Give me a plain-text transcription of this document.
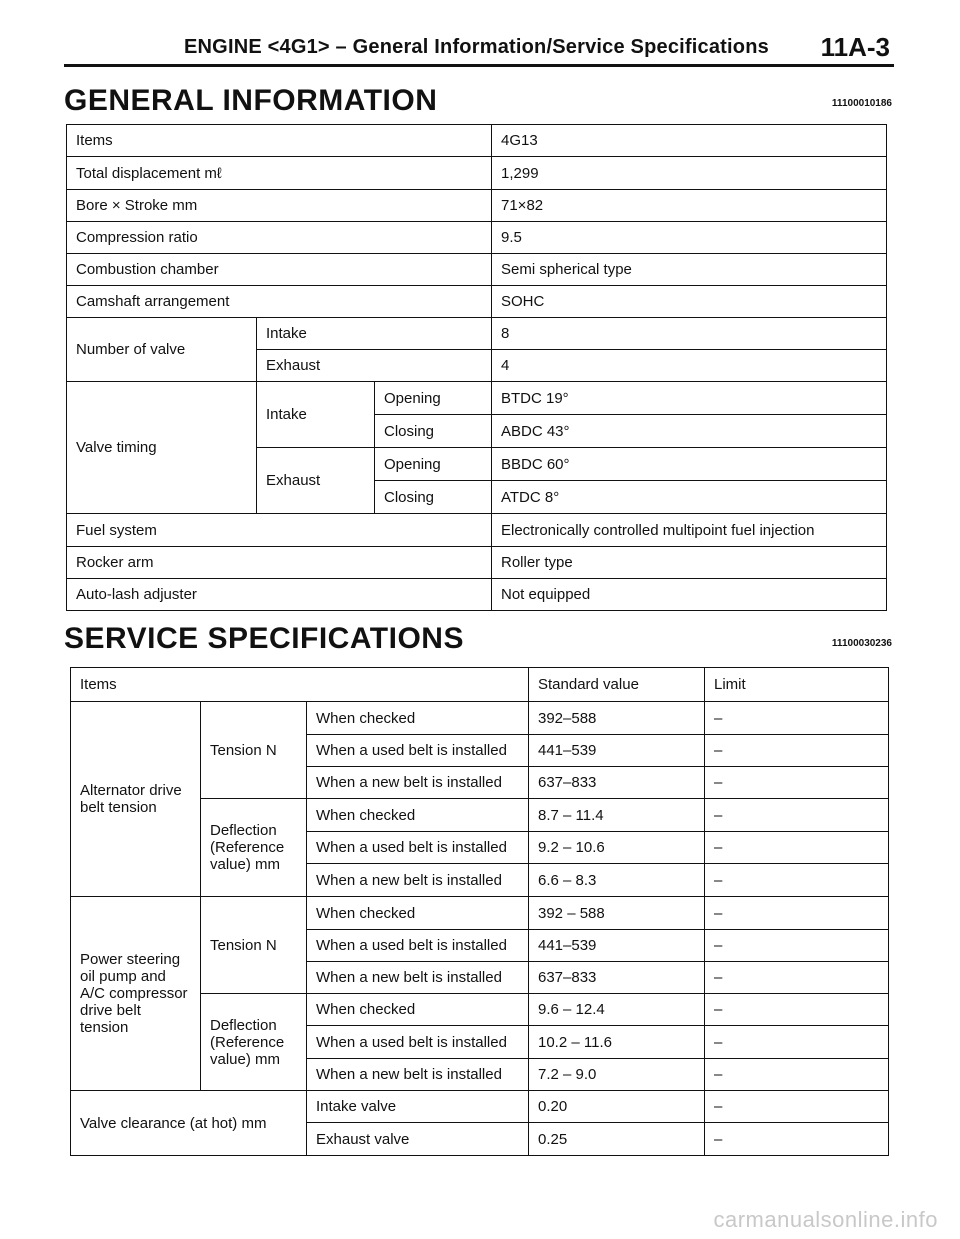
ENGINE <4G1> – General Information/Service Specifications 11A-3
GENERAL INFORMATION	11100010186
Items			4G13
Total displacement mℓ			1,299
Bore × Stroke mm			71×82
Compression ratio			9.5
Combustion chamber			Semi spherical type
Camshaft arrangement			SOHC
Number of valve	Intake		8
	Exhaust		4
Valve timing	Intake	Opening	BTDC 19°
		Closing	ABDC 43°
	Exhaust	Opening	BBDC 60°
		Closing	ATDC 8°
Fuel system			Electronically controlled multipoint fuel injection
Rocker arm			Roller type
Auto-lash adjuster			Not equipped
SERVICE SPECIFICATIONS	11100030236
Items			Standard value	Limit
Alternator drive belt tension	Tension N	When checked	392–588	–
		When a used belt is installed	441–539	–
		When a new belt is installed	637–833	–
	Deflection (Reference value) mm	When checked	8.7 – 11.4	–
		When a used belt is installed	9.2 – 10.6	–
		When a new belt is installed	6.6 – 8.3	–
Power steering oil pump and A/C compressor drive belt tension	Tension N	When checked	392 – 588	–
		When a used belt is installed	441–539	–
		When a new belt is installed	637–833	–
	Deflection (Reference value) mm	When checked	9.6 – 12.4	–
		When a used belt is installed	10.2 – 11.6	–
		When a new belt is installed	7.2 – 9.0	–
Valve clearance (at hot) mm		Intake valve	0.20	–
		Exhaust valve	0.25	–
carmanualsonline.info
